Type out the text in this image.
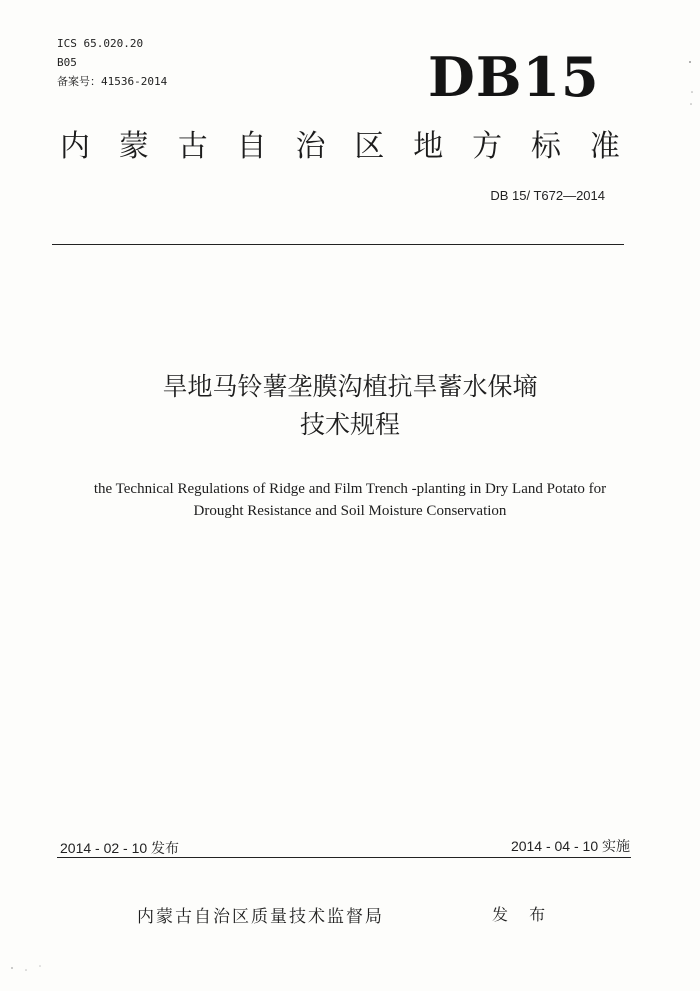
ICS 65.020.20
B05
备案号：41536-2014	DB15
内 蒙 古 自 治 区 地 方 标 准
DB 15/ T672—2014
旱地马铃薯垄膜沟植抗旱蓄水保墒
技术规程
the Technical Regulations of Ridge and Film Trench -planting in Dry Land Potato for
Drought Resistance and Soil Moisture Conservation
2014 - 02 - 10 发布	2014 - 04 - 10 实施
内蒙古自治区质量技术监督局	发 布
